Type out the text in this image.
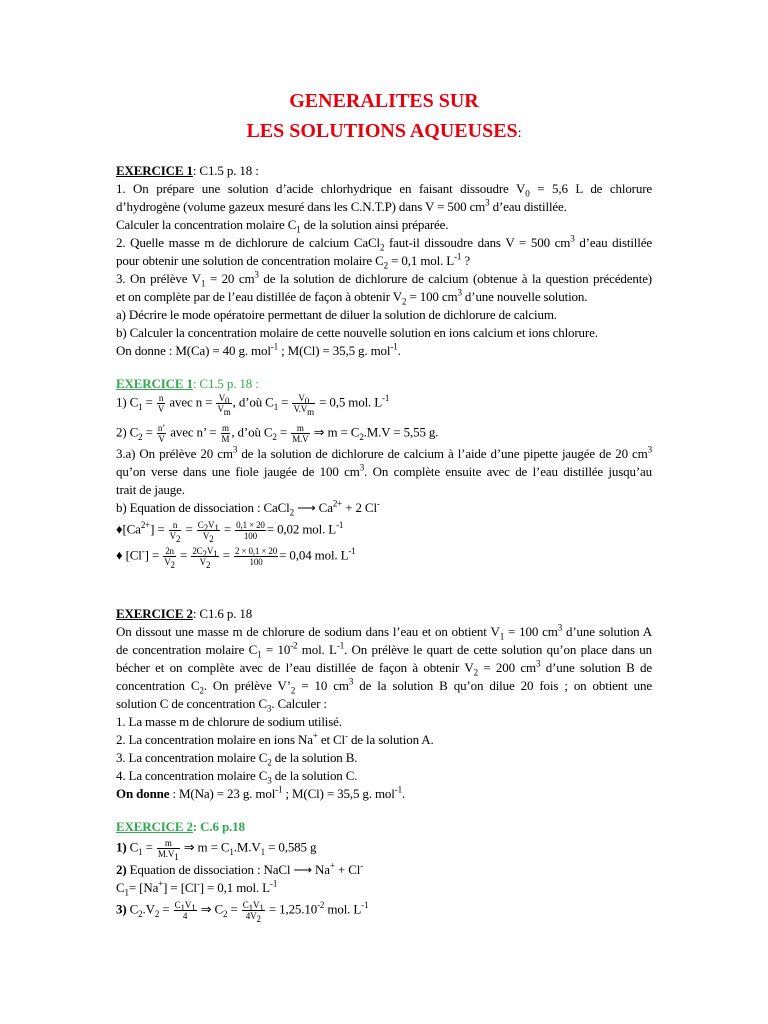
GENERALITES SUR
LES SOLUTIONS AQUEUSES:
EXERCICE 1: C1.5 p. 18 :
1. On prépare une solution d’acide chlorhydrique en faisant dissoudre $V_0 = 5,6$ L de chlorure
d’hydrogène (volume gazeux mesuré dans les C.N.T.P) dans V = 500 $cm^3$ d’eau distillée.
Calculer la concentration molaire $C_1$ de la solution ainsi préparée.
2. Quelle masse m de dichlorure de calcium CaCl$_2$ faut-il dissoudre dans V = 500 $cm^3$ d’eau distillée
pour obtenir une solution de concentration molaire $C_2 = 0,1$ mol. $L^{-1}$ ?
3. On prélève $V_1 = 20$ $cm^3$ de la solution de dichlorure de calcium (obtenue à la question précédente)
et on complète par de l’eau distillée de façon à obtenir $V_2 = 100$ $cm^3$ d’une nouvelle solution.
a) Décrire le mode opératoire permettant de diluer la solution de dichlorure de calcium.
b) Calculer la concentration molaire de cette nouvelle solution en ions calcium et ions chlorure.
On donne : M(Ca) = 40 g. mol$^{-1}$ ; M(Cl) = 35,5 g. mol$^{-1}$.
EXERCICE 1: C1.5 p. 18 :
1) $C_1 = \frac{n}{V}$ avec $n = \frac{V_0}{V_m}$ , d’où $C_1 = \frac{V_0}{V.V_m} = 0,5$ mol. $L^{-1}$
2) $C_2 = \frac{n’}{V}$ avec n’ = $\frac{m}{M}$ , d’où $C_2 = \frac{m}{M.V}$ ⇒ $m = C_2.M.V = 5,55$ g.
3.a) On prélève 20 $cm^3$ de la solution de dichlorure de calcium à l’aide d’une pipette jaugée de 20 $cm^3$
qu’on verse dans une fiole jaugée de 100 $cm^3$. On complète ensuite avec de l’eau distillée jusqu’au
trait de jauge.
b) Equation de dissociation : CaCl$_2$ ⟶ $Ca^{2+} + 2$ Cl-
$♦[Ca^{2+}] = \frac{n}{V_2} = \frac{C_2V_1}{V_2} = \frac{0,1 \times 20}{100} = 0,02$ mol. $L^{-1}$
♦ $[Cl^-] = \frac{2n}{V_2} = \frac{2C_2V_1}{V_2} = \frac{2 \times 0,1 \times 20}{100} = 0,04$ mol. $L^{-1}$
EXERCICE 2: C1.6 p. 18
On dissout une masse m de chlorure de sodium dans l’eau et on obtient $V_1 = 100$ $cm^3$ d’une solution A
de concentration molaire $C_1 = 10^{-2}$ mol. $L^{-1}$. On prélève le quart de cette solution qu’on place dans un
bécher et on complète avec de l’eau distillée de façon à obtenir $V_2 = 200$ $cm^3$ d’une solution B de
concentration $C_2$. On prélève $V’_2 = 10$ $cm^3$ de la solution B qu’on dilue 20 fois ; on obtient une
solution C de concentration $C_3$. Calculer :
1. La masse m de chlorure de sodium utilisé.
2. La concentration molaire en ions Na+ et Cl- de la solution A.
3. La concentration molaire $C_2$ de la solution B.
4. La concentration molaire $C_3$ de la solution C.
On donne : M(Na) = 23 g. mol$^{-1}$ ; M(Cl) = 35,5 g. mol$^{-1}$.
EXERCICE 2: C.6 p.18
1) $C_1 = \frac{m}{M.V_1}$ ⇒ $m = C_1.M.V_1 = 0,585$ g
2) Equation de dissociation : NaCl ⟶ Na+ + Cl-
$C_1= [Na^+] = [Cl^-] = 0,1$ mol. $L^{-1}$
3) $C_2.V_2 = \frac{C_1V_1}{4}$ ⇒ $C_2 = \frac{C_1V_1}{4V_2} = 1,25.10^{-2}$ mol. $L^{-1}$
